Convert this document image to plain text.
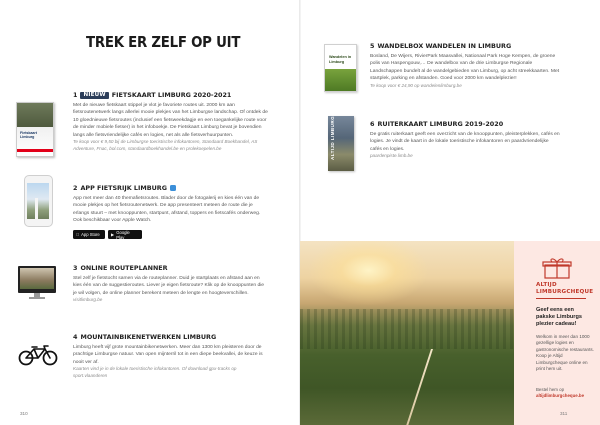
TREK ER ZELF OP UIT
Fietskaart Limburg
1	NIEUW FIETSKAART LIMBURG 2020-2021
Met de nieuwe fietskaart stippel je vlot je favoriete routes uit. 2000 km aan fietsroutenetwerk langs allerlei mooie plekjes van het Limburgse landschap. Of ontdek de 10 gloednieuwe fietsroutes (inclusief een fietsweekdagje en een toegankelijke route voor de minder mobiele fietser) in het infoboekje. De Fietskaart Limburg bevat je bovendien langs alle fietsvriendelijke cafés en logies, net als alle fietsverhuurpunten.
Te koop voor € 9,50 bij de Limburgse toeristische infokantoren, Standaard Boekhandel, AS Adventure, Fnac, bol.com, standaardboekhandel.be en prolekoepelen.be
2 APP FIETSRIJK LIMBURG
App met meer dan 40 themafietsroutes. Blader door de fotogalerij en kies één van de mooie plekjes op het fietsroutenetwerk. De app presenteert meteen de route die je erlangs stuurt – met knooppunten, startpunt, afstand, toppers en fietscafés onderweg. Ook beschikbaar voor Apple Watch.
App Store	▶ Google Play
3 ONLINE ROUTEPLANNER
Stel zelf je fietstocht samen via de routeplanner. Duid je startplaats en afstand aan en kies één van de suggestieroutes. Liever je eigen fietsroute? Klik op de knooppunten die je wil volgen, de online planner berekent meteen de lengte en hoogteverschillen.
visitlimburg.be
4 MOUNTAINBIKENETWERKEN LIMBURG
Limburg heeft vijf grote mountainbikenetwerken. Meer dan 1300 km pleisteren door de prachtige Limburgse natuur. Van open mijnterril tot in een diepe beekvallei, de keuze is nooit ver af.
Kaarten vind je in de lokale toeristische infokantoren. Of download gpx-tracks op sport.vlaanderen
310
Wandelen in Limburg
5 WANDELBOX WANDELEN IN LIMBURG
Bosland, De Wijers, RivierPark Maasvallei, Nationaal Park Hoge Kempen, de groene polis van Haspengouw,… De wandelbox van de drie Limburgse Regionale Landschappen bundelt al de wandelgebieden van Limburg, op acht streekkaarten. Met startplek, parking en afstanden. Goed voor 2000 km wandelplezier!
Te koop voor € 24,90 op wandelenlimburg.be
ALTIJD LIMBURG	6 RUITERKAART LIMBURG 2019-2020
De gratis ruiterkaart geeft een overzicht van de knooppunten, pleisterplekken, cafés en logies. Je vindt de kaart in de lokale toeristische infokantoren en paardvriendelijke cafés en logies.
paardenpiste.limb.be
ALTIJD
LIMBURGCHEQUE
Geef eens een pakske Limburgs plezier cadeau!
Welkom in meer dan 1000 gezellige logies en gastronomische restaurants. Koop je Altijd Limburgcheque online en print hem uit.
Bestel hem op
altijdlimburgcheque.be
311
